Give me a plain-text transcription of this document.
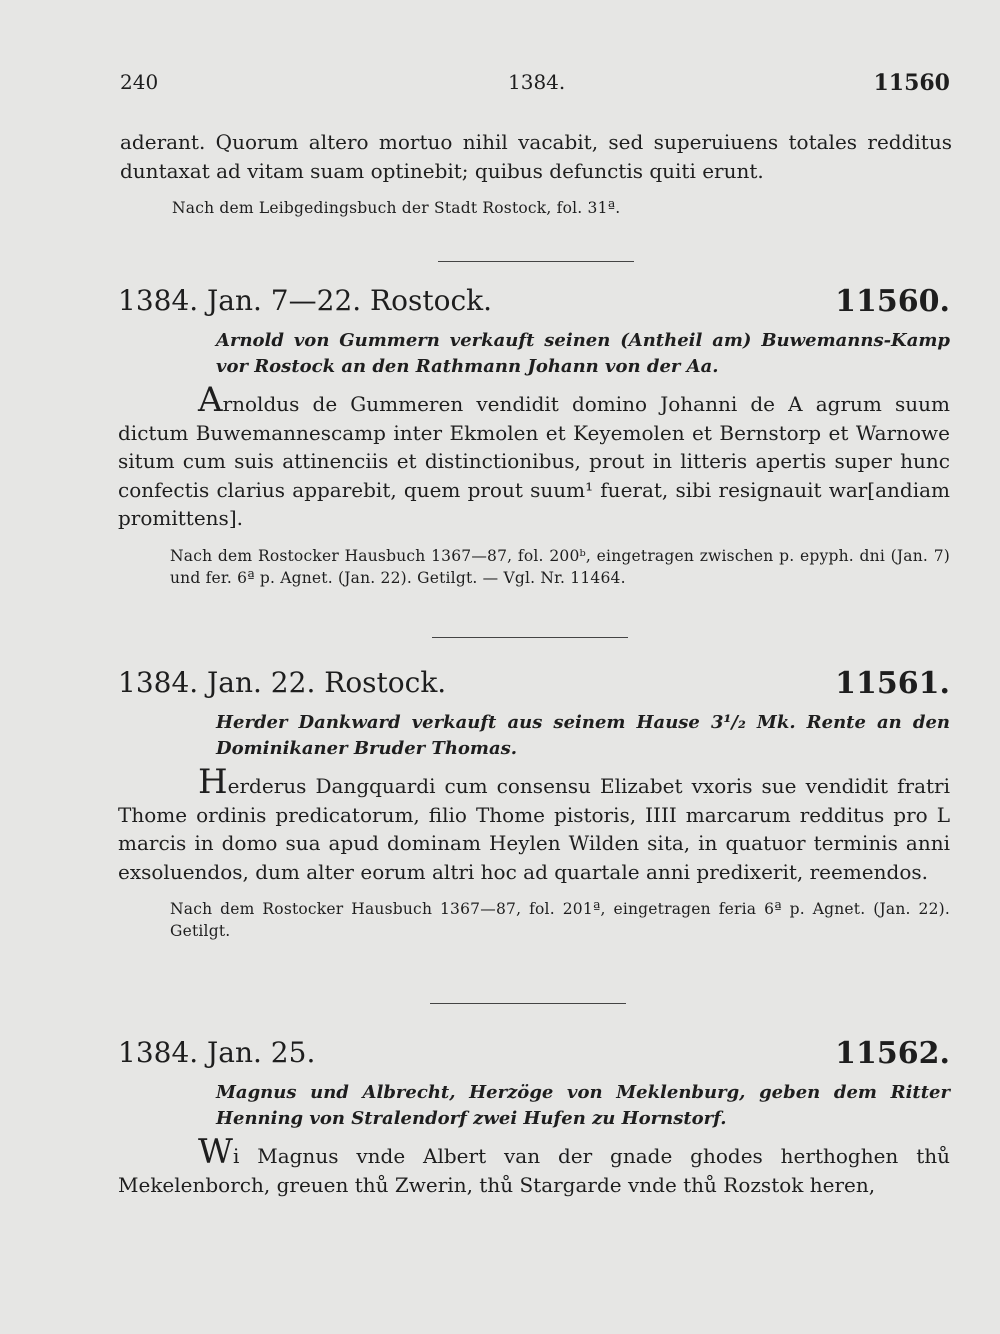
240	1384.	11560

aderant. Quorum altero mortuo nihil vacabit, sed superuiuens totales redditus duntaxat ad vitam suam optinebit; quibus defunctis quiti erunt.

Nach dem Leibgedingsbuch der Stadt Rostock, fol. 31ª.

1384. Jan. 7—22. Rostock.	11560.
Arnold von Gummern verkauft seinen (Antheil am) Buwemanns-Kamp vor Rostock an den Rathmann Johann von der Aa.

Arnoldus de Gummeren vendidit domino Johanni de A agrum suum dictum Buwemannescamp inter Ekmolen et Keyemolen et Bernstorp et Warnowe situm cum suis attinenciis et distinctionibus, prout in litteris apertis super hunc confectis clarius apparebit, quem prout suum¹ fuerat, sibi resignauit war[andiam promittens].

Nach dem Rostocker Hausbuch 1367—87, fol. 200ᵇ, eingetragen zwischen p. epyph. dni (Jan. 7) und fer. 6ª p. Agnet. (Jan. 22). Getilgt. — Vgl. Nr. 11464.

1384. Jan. 22. Rostock.	11561.
Herder Dankward verkauft aus seinem Hause 3¹/₂ Mk. Rente an den Dominikaner Bruder Thomas.

Herderus Dangquardi cum consensu Elizabet vxoris sue vendidit fratri Thome ordinis predicatorum, filio Thome pistoris, IIII marcarum redditus pro L marcis in domo sua apud dominam Heylen Wilden sita, in quatuor terminis anni exsoluendos, dum alter eorum altri hoc ad quartale anni predixerit, reemendos.

Nach dem Rostocker Hausbuch 1367—87, fol. 201ª, eingetragen feria 6ª p. Agnet. (Jan. 22). Getilgt.

1384. Jan. 25.	11562.
Magnus und Albrecht, Herzöge von Meklenburg, geben dem Ritter Henning von Stralendorf zwei Hufen zu Hornstorf.

Wi Magnus vnde Albert van der gnade ghodes herthoghen thů Mekelenborch, greuen thů Zwerin, thů Stargarde vnde thů Rozstok heren,
